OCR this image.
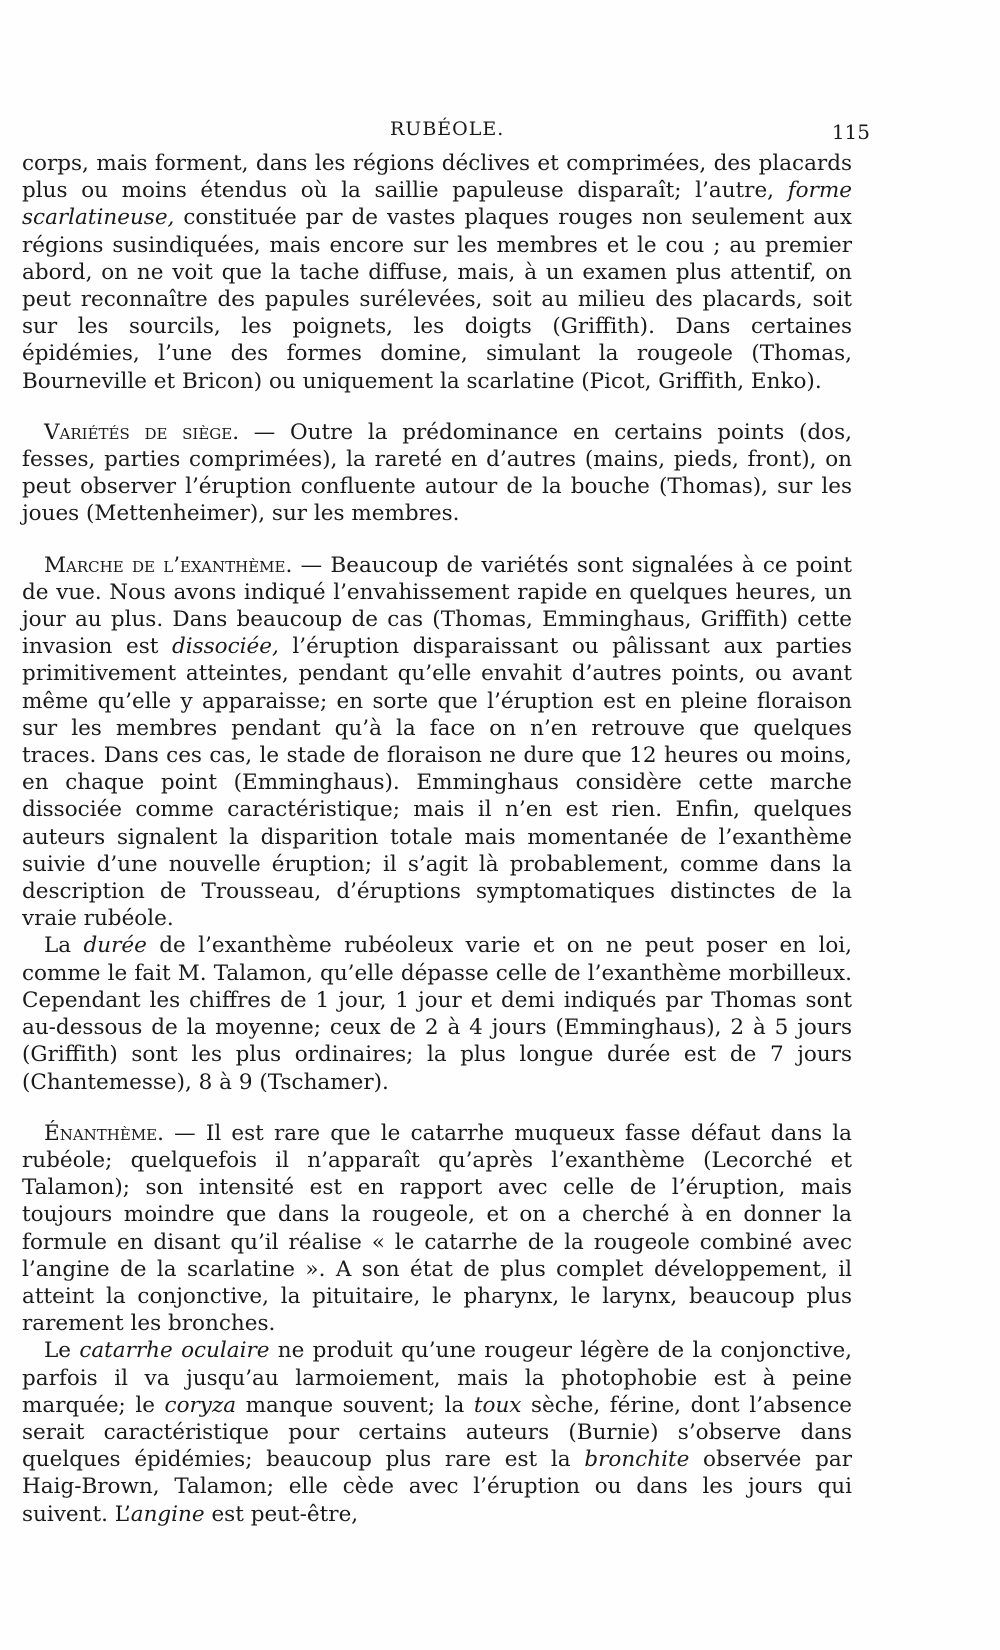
RUBÉOLE.	115

corps, mais forment, dans les régions déclives et comprimées, des placards plus ou moins étendus où la saillie papuleuse disparaît; l’autre, forme scarlatineuse, constituée par de vastes plaques rouges non seulement aux régions susindiquées, mais encore sur les membres et le cou ; au premier abord, on ne voit que la tache diffuse, mais, à un examen plus attentif, on peut reconnaître des papules surélevées, soit au milieu des placards, soit sur les sourcils, les poignets, les doigts (Griffith). Dans certaines épidémies, l’une des formes domine, simulant la rougeole (Thomas, Bourneville et Bricon) ou uniquement la scarlatine (Picot, Griffith, Enko).

Variétés de siège. — Outre la prédominance en certains points (dos, fesses, parties comprimées), la rareté en d’autres (mains, pieds, front), on peut observer l’éruption confluente autour de la bouche (Thomas), sur les joues (Mettenheimer), sur les membres.

Marche de l’exanthème. — Beaucoup de variétés sont signalées à ce point de vue. Nous avons indiqué l’envahissement rapide en quelques heures, un jour au plus. Dans beaucoup de cas (Thomas, Emminghaus, Griffith) cette invasion est dissociée, l’éruption disparaissant ou pâlissant aux parties primitivement atteintes, pendant qu’elle envahit d’autres points, ou avant même qu’elle y apparaisse; en sorte que l’éruption est en pleine floraison sur les membres pendant qu’à la face on n’en retrouve que quelques traces. Dans ces cas, le stade de floraison ne dure que 12 heures ou moins, en chaque point (Emminghaus). Emminghaus considère cette marche dissociée comme caractéristique; mais il n’en est rien. Enfin, quelques auteurs signalent la disparition totale mais momentanée de l’exanthème suivie d’une nouvelle éruption; il s’agit là probablement, comme dans la description de Trousseau, d’éruptions symptomatiques distinctes de la vraie rubéole.

La durée de l’exanthème rubéoleux varie et on ne peut poser en loi, comme le fait M. Talamon, qu’elle dépasse celle de l’exanthème morbilleux. Cependant les chiffres de 1 jour, 1 jour et demi indiqués par Thomas sont au-dessous de la moyenne; ceux de 2 à 4 jours (Emminghaus), 2 à 5 jours (Griffith) sont les plus ordinaires; la plus longue durée est de 7 jours (Chantemesse), 8 à 9 (Tschamer).

Énanthème. — Il est rare que le catarrhe muqueux fasse défaut dans la rubéole; quelquefois il n’apparaît qu’après l’exanthème (Lecorché et Talamon); son intensité est en rapport avec celle de l’éruption, mais toujours moindre que dans la rougeole, et on a cherché à en donner la formule en disant qu’il réalise « le catarrhe de la rougeole combiné avec l’angine de la scarlatine ». A son état de plus complet développement, il atteint la conjonctive, la pituitaire, le pharynx, le larynx, beaucoup plus rarement les bronches.

Le catarrhe oculaire ne produit qu’une rougeur légère de la conjonctive, parfois il va jusqu’au larmoiement, mais la photophobie est à peine marquée; le coryza manque souvent; la toux sèche, férine, dont l’absence serait caractéristique pour certains auteurs (Burnie) s’observe dans quelques épidémies; beaucoup plus rare est la bronchite observée par Haig-Brown, Talamon; elle cède avec l’éruption ou dans les jours qui suivent. L’angine est peut-être,
